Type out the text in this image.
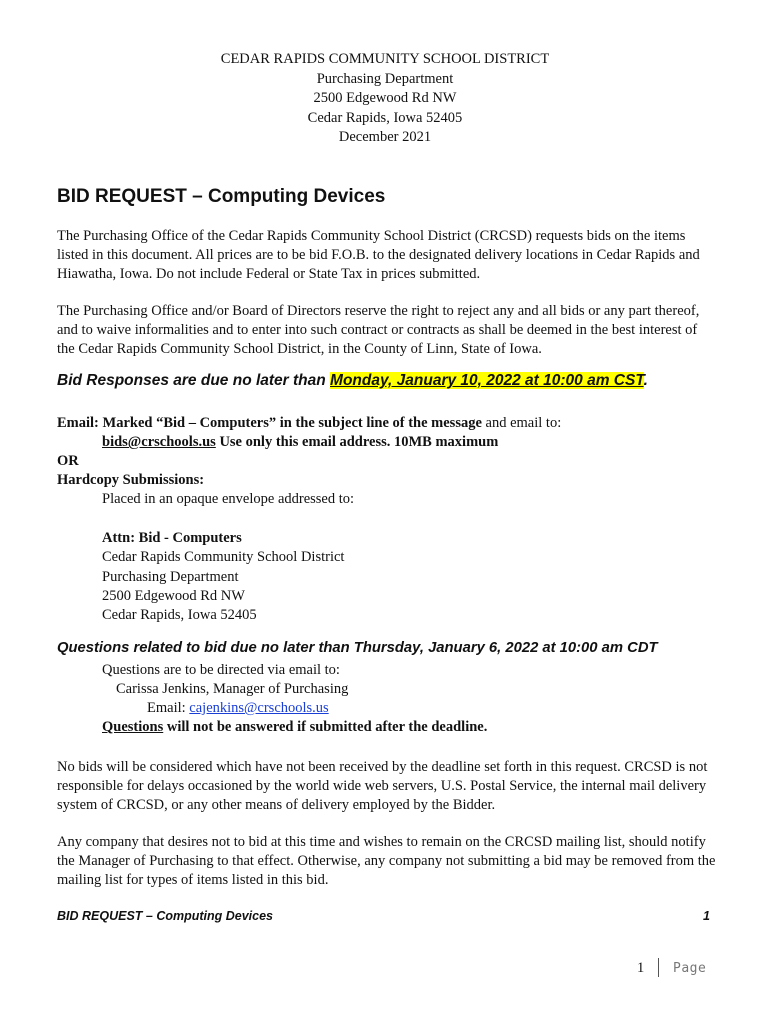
CEDAR RAPIDS COMMUNITY SCHOOL DISTRICT
Purchasing Department
2500 Edgewood Rd NW
Cedar Rapids, Iowa 52405
December 2021
BID REQUEST – Computing Devices

The Purchasing Office of the Cedar Rapids Community School District (CRCSD) requests bids on the items listed in this document. All prices are to be bid F.O.B. to the designated delivery locations in Cedar Rapids and Hiawatha, Iowa. Do not include Federal or State Tax in prices submitted.

The Purchasing Office and/or Board of Directors reserve the right to reject any and all bids or any part thereof, and to waive informalities and to enter into such contract or contracts as shall be deemed in the best interest of the Cedar Rapids Community School District, in the County of Linn, State of Iowa.

Bid Responses are due no later than Monday, January 10, 2022 at 10:00 am CST.
Email: Marked “Bid – Computers” in the subject line of the message and email to:
bids@crschools.us Use only this email address. 10MB maximum
OR
Hardcopy Submissions:
Placed in an opaque envelope addressed to:
Attn: Bid - Computers
Cedar Rapids Community School District
Purchasing Department
2500 Edgewood Rd NW
Cedar Rapids, Iowa 52405
Questions related to bid due no later than Thursday, January 6, 2022 at 10:00 am CDT
Questions are to be directed via email to:
Carissa Jenkins, Manager of Purchasing
Email: cajenkins@crschools.us
Questions will not be answered if submitted after the deadline.

No bids will be considered which have not been received by the deadline set forth in this request. CRCSD is not responsible for delays occasioned by the world wide web servers, U.S. Postal Service, the internal mail delivery system of CRCSD, or any other means of delivery employed by the Bidder.

Any company that desires not to bid at this time and wishes to remain on the CRCSD mailing list, should notify the Manager of Purchasing to that effect. Otherwise, any company not submitting a bid may be removed from the mailing list for types of items listed in this bid.

BID REQUEST – Computing Devices	1
1 Page
